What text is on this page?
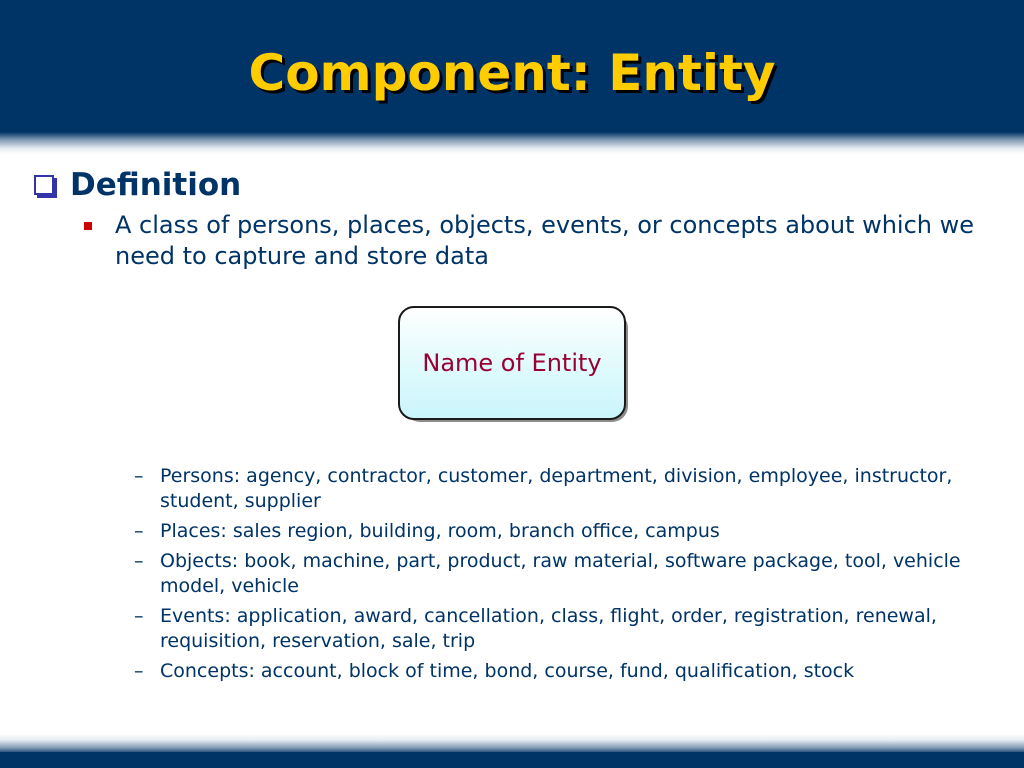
Component: Entity
Definition
A class of persons, places, objects, events, or concepts about which we need to capture and store data
Name of Entity
– Persons: agency, contractor, customer, department, division, employee, instructor, student, supplier
– Places: sales region, building, room, branch office, campus
– Objects: book, machine, part, product, raw material, software package, tool, vehicle model, vehicle
– Events: application, award, cancellation, class, flight, order, registration, renewal, requisition, reservation, sale, trip
– Concepts: account, block of time, bond, course, fund, qualification, stock
